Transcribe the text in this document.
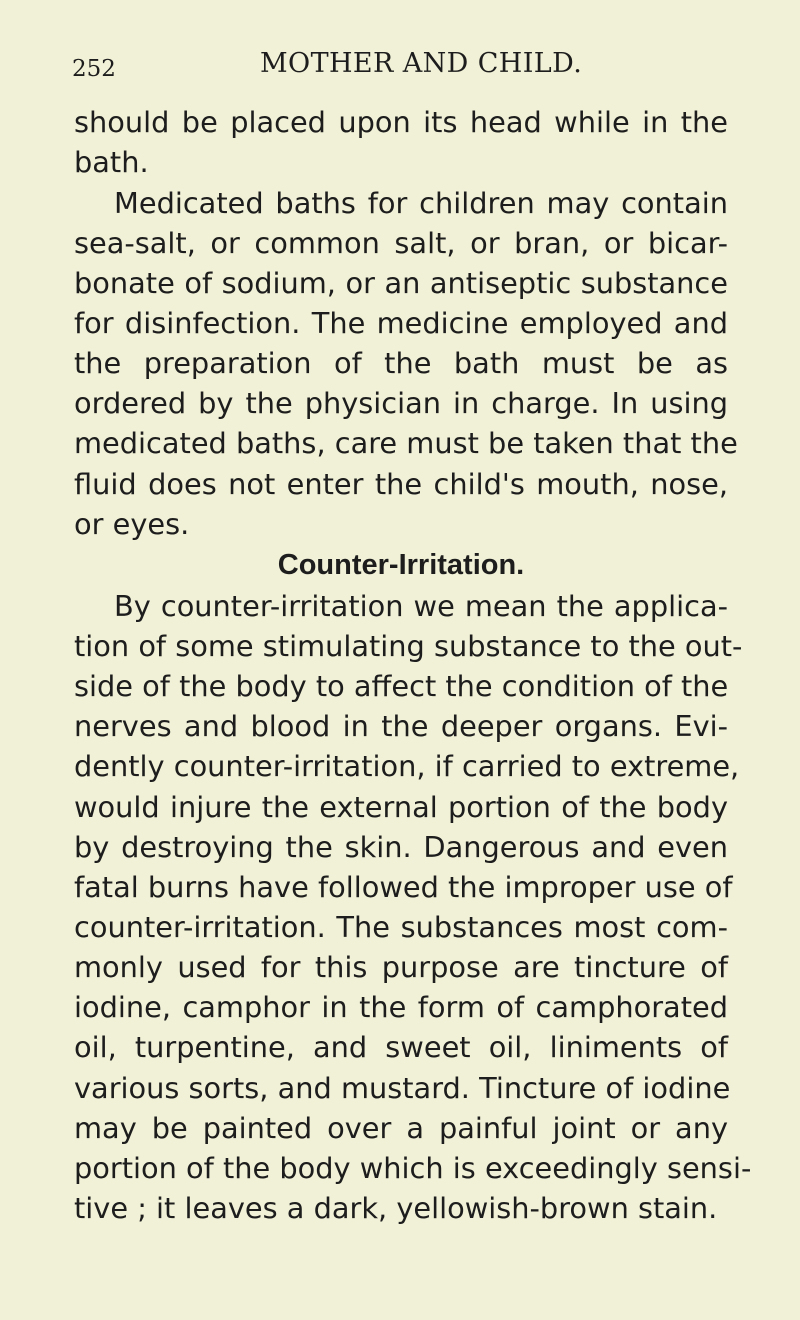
252	MOTHER AND CHILD.
should be placed upon its head while in the
bath.
Medicated baths for children may contain
sea-salt, or common salt, or bran, or bicar-
bonate of sodium, or an antiseptic substance
for disinfection. The medicine employed and
the preparation of the bath must be as
ordered by the physician in charge. In using
medicated baths, care must be taken that the
fluid does not enter the child's mouth, nose,
or eyes.
Counter-Irritation.
By counter-irritation we mean the applica-
tion of some stimulating substance to the out-
side of the body to affect the condition of the
nerves and blood in the deeper organs. Evi-
dently counter-irritation, if carried to extreme,
would injure the external portion of the body
by destroying the skin. Dangerous and even
fatal burns have followed the improper use of
counter-irritation. The substances most com-
monly used for this purpose are tincture of
iodine, camphor in the form of camphorated
oil, turpentine, and sweet oil, liniments of
various sorts, and mustard. Tincture of iodine
may be painted over a painful joint or any
portion of the body which is exceedingly sensi-
tive ; it leaves a dark, yellowish-brown stain.
